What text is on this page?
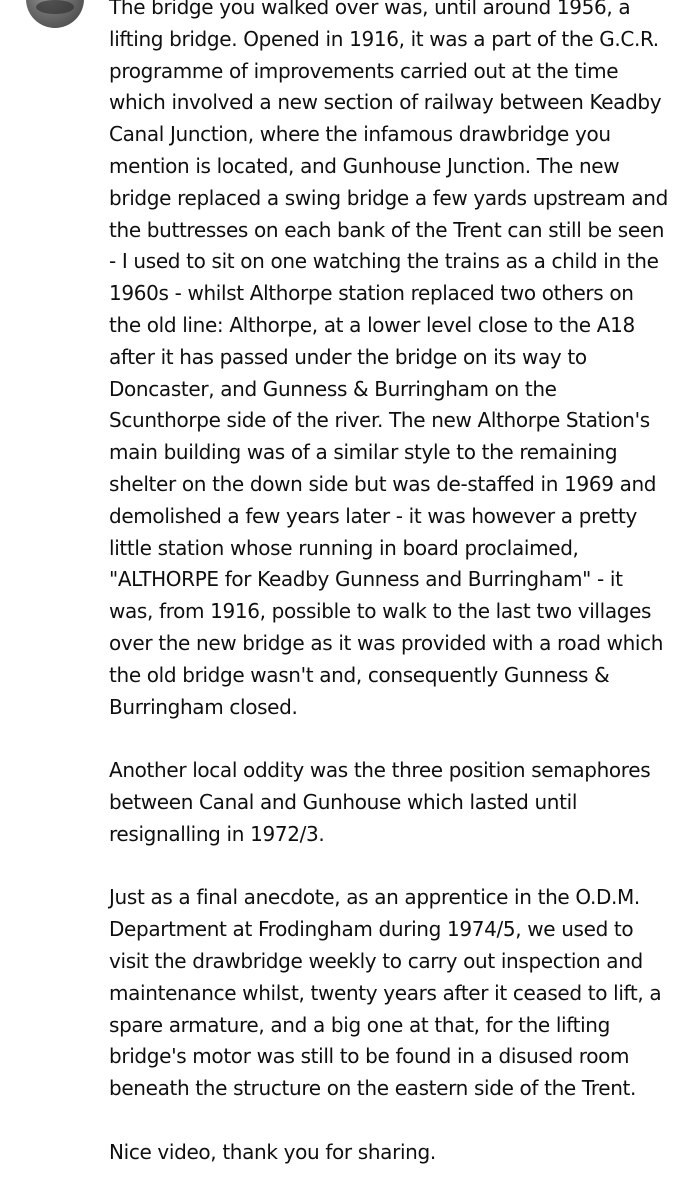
The bridge you walked over was, until around 1956, a lifting bridge. Opened in 1916, it was a part of the G.C.R. programme of improvements carried out at the time which involved a new section of railway between Keadby Canal Junction, where the infamous drawbridge you mention is located, and Gunhouse Junction. The new bridge replaced a swing bridge a few yards upstream and the buttresses on each bank of the Trent can still be seen - I used to sit on one watching the trains as a child in the 1960s - whilst Althorpe station replaced two others on the old line: Althorpe, at a lower level close to the A18 after it has passed under the bridge on its way to Doncaster, and Gunness & Burringham on the Scunthorpe side of the river. The new Althorpe Station's main building was of a similar style to the remaining shelter on the down side but was de-staffed in 1969 and demolished a few years later - it was however a pretty little station whose running in board proclaimed, "ALTHORPE for Keadby Gunness and Burringham" - it was, from 1916, possible to walk to the last two villages over the new bridge as it was provided with a road which the old bridge wasn't and, consequently Gunness & Burringham closed.

Another local oddity was the three position semaphores between Canal and Gunhouse which lasted until resignalling in 1972/3.

Just as a final anecdote, as an apprentice in the O.D.M. Department at Frodingham during 1974/5, we used to visit the drawbridge weekly to carry out inspection and maintenance whilst, twenty years after it ceased to lift, a spare armature, and a big one at that, for the lifting bridge's motor was still to be found in a disused room beneath the structure on the eastern side of the Trent.

Nice video, thank you for sharing.
